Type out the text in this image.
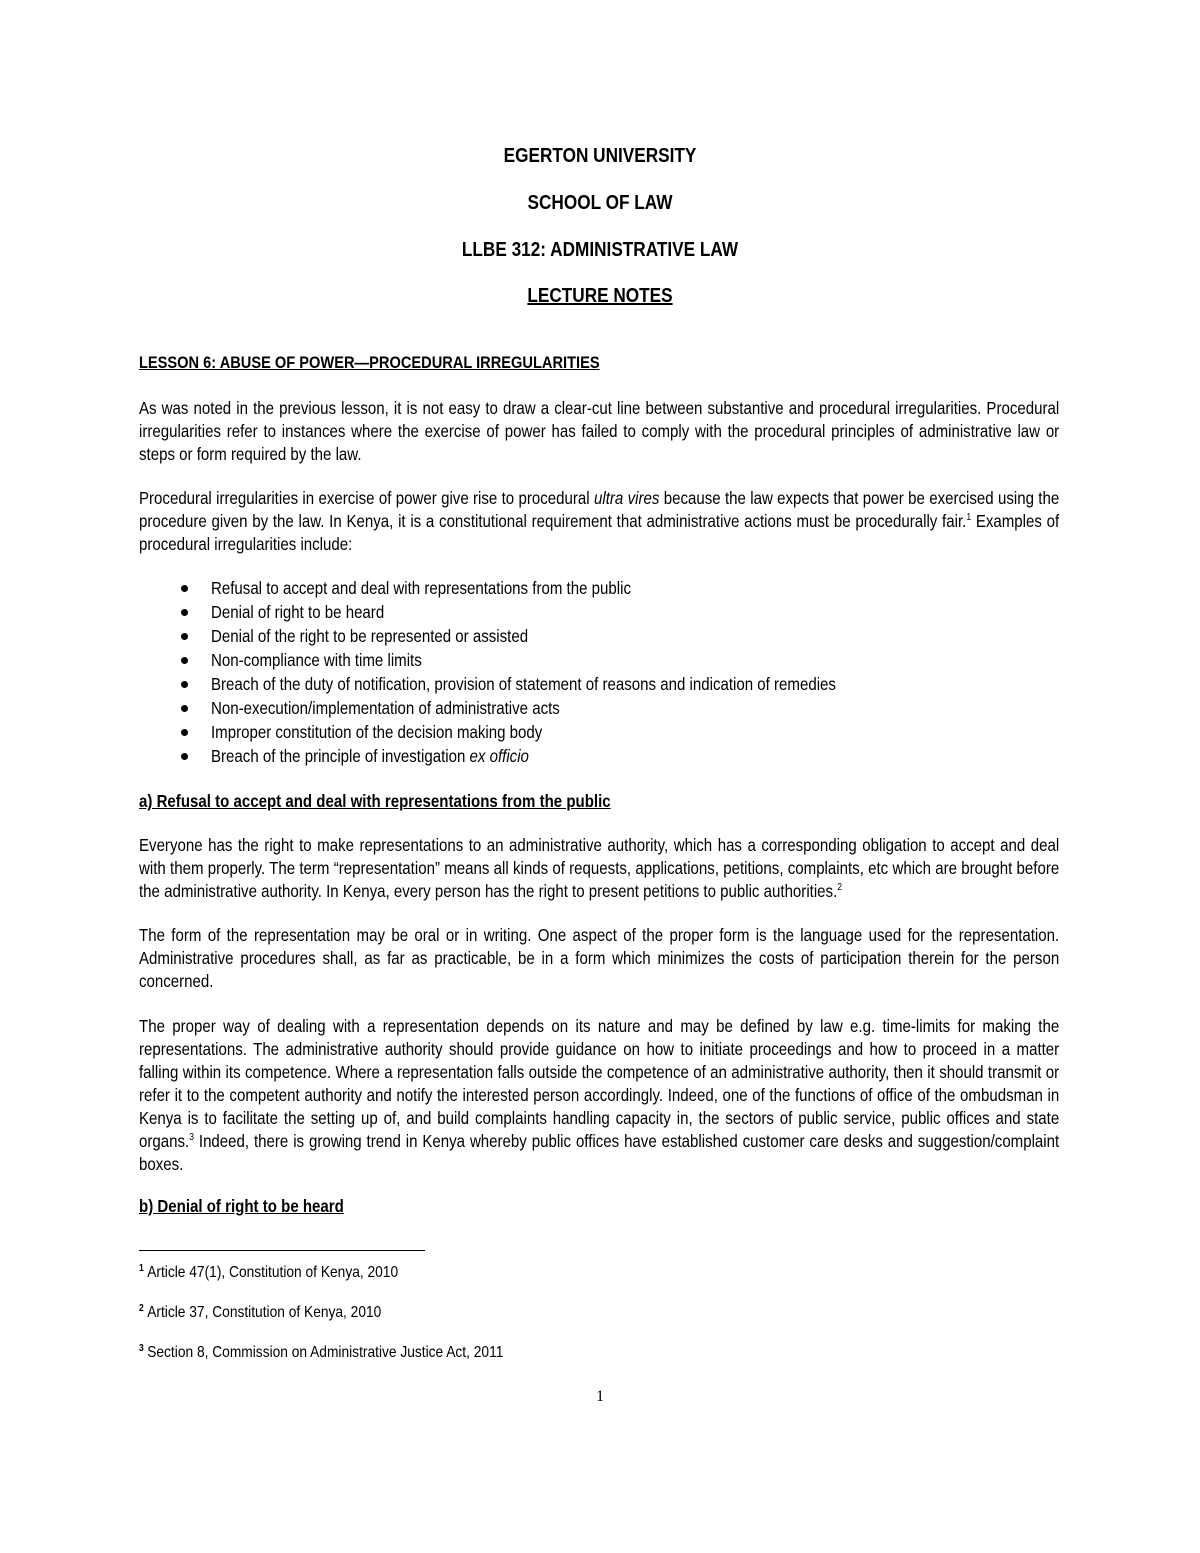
EGERTON UNIVERSITY
SCHOOL OF LAW
LLBE 312: ADMINISTRATIVE LAW
LECTURE NOTES
LESSON 6: ABUSE OF POWER—PROCEDURAL IRREGULARITIES
As was noted in the previous lesson, it is not easy to draw a clear-cut line between substantive and procedural irregularities. Procedural irregularities refer to instances where the exercise of power has failed to comply with the procedural principles of administrative law or steps or form required by the law.
Procedural irregularities in exercise of power give rise to procedural ultra vires because the law expects that power be exercised using the procedure given by the law. In Kenya, it is a constitutional requirement that administrative actions must be procedurally fair.$^1$ Examples of procedural irregularities include:
Refusal to accept and deal with representations from the public
Denial of right to be heard
Denial of the right to be represented or assisted
Non-compliance with time limits
Breach of the duty of notification, provision of statement of reasons and indication of remedies
Non-execution/implementation of administrative acts
Improper constitution of the decision making body
Breach of the principle of investigation ex officio
a) Refusal to accept and deal with representations from the public
Everyone has the right to make representations to an administrative authority, which has a corresponding obligation to accept and deal with them properly. The term “representation” means all kinds of requests, applications, petitions, complaints, etc which are brought before the administrative authority. In Kenya, every person has the right to present petitions to public authorities.$^2$
The form of the representation may be oral or in writing. One aspect of the proper form is the language used for the representation. Administrative procedures shall, as far as practicable, be in a form which minimizes the costs of participation therein for the person concerned.
The proper way of dealing with a representation depends on its nature and may be defined by law e.g. time-limits for making the representations. The administrative authority should provide guidance on how to initiate proceedings and how to proceed in a matter falling within its competence. Where a representation falls outside the competence of an administrative authority, then it should transmit or refer it to the competent authority and notify the interested person accordingly. Indeed, one of the functions of office of the ombudsman in Kenya is to facilitate the setting up of, and build complaints handling capacity in, the sectors of public service, public offices and state organs.$^3$ Indeed, there is growing trend in Kenya whereby public offices have established customer care desks and suggestion/complaint boxes.
b) Denial of right to be heard
$^1$ Article 47(1), Constitution of Kenya, 2010
$^2$ Article 37, Constitution of Kenya, 2010
$^3$ Section 8, Commission on Administrative Justice Act, 2011
1
